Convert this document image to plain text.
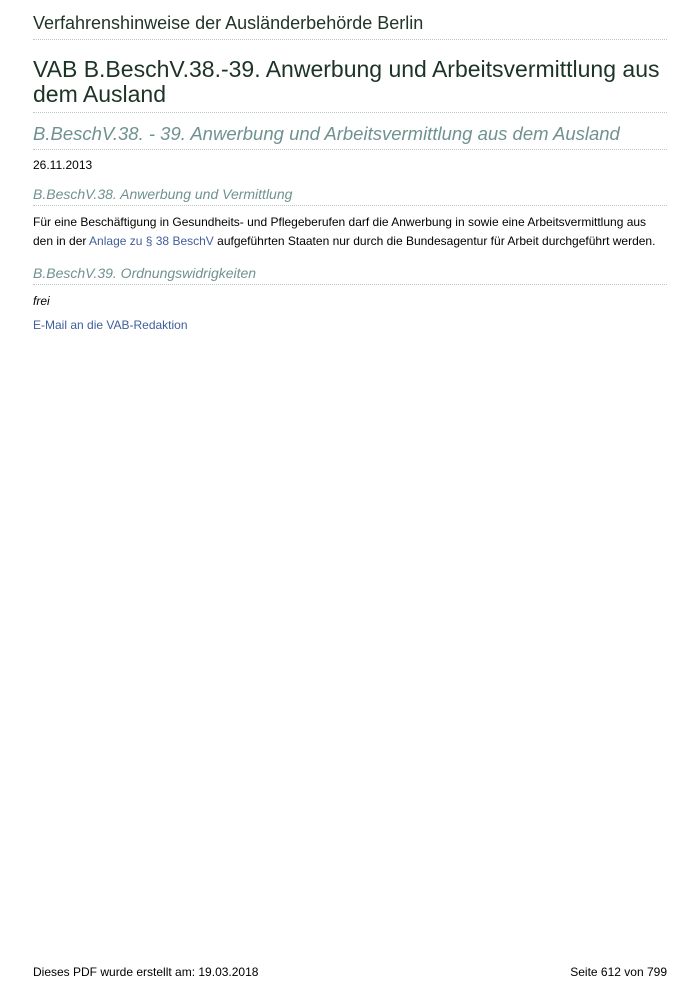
Verfahrenshinweise der Ausländerbehörde Berlin
VAB B.BeschV.38.-39. Anwerbung und Arbeitsvermittlung aus dem Ausland
B.BeschV.38. - 39. Anwerbung und Arbeitsvermittlung aus dem Ausland
26.11.2013
B.BeschV.38. Anwerbung und Vermittlung
Für eine Beschäftigung in Gesundheits- und Pflegeberufen darf die Anwerbung in sowie eine Arbeitsvermittlung aus den in der Anlage zu § 38 BeschV aufgeführten Staaten nur durch die Bundesagentur für Arbeit durchgeführt werden.
B.BeschV.39. Ordnungswidrigkeiten
frei
E-Mail an die VAB-Redaktion
Dieses PDF wurde erstellt am: 19.03.2018	Seite 612 von 799
